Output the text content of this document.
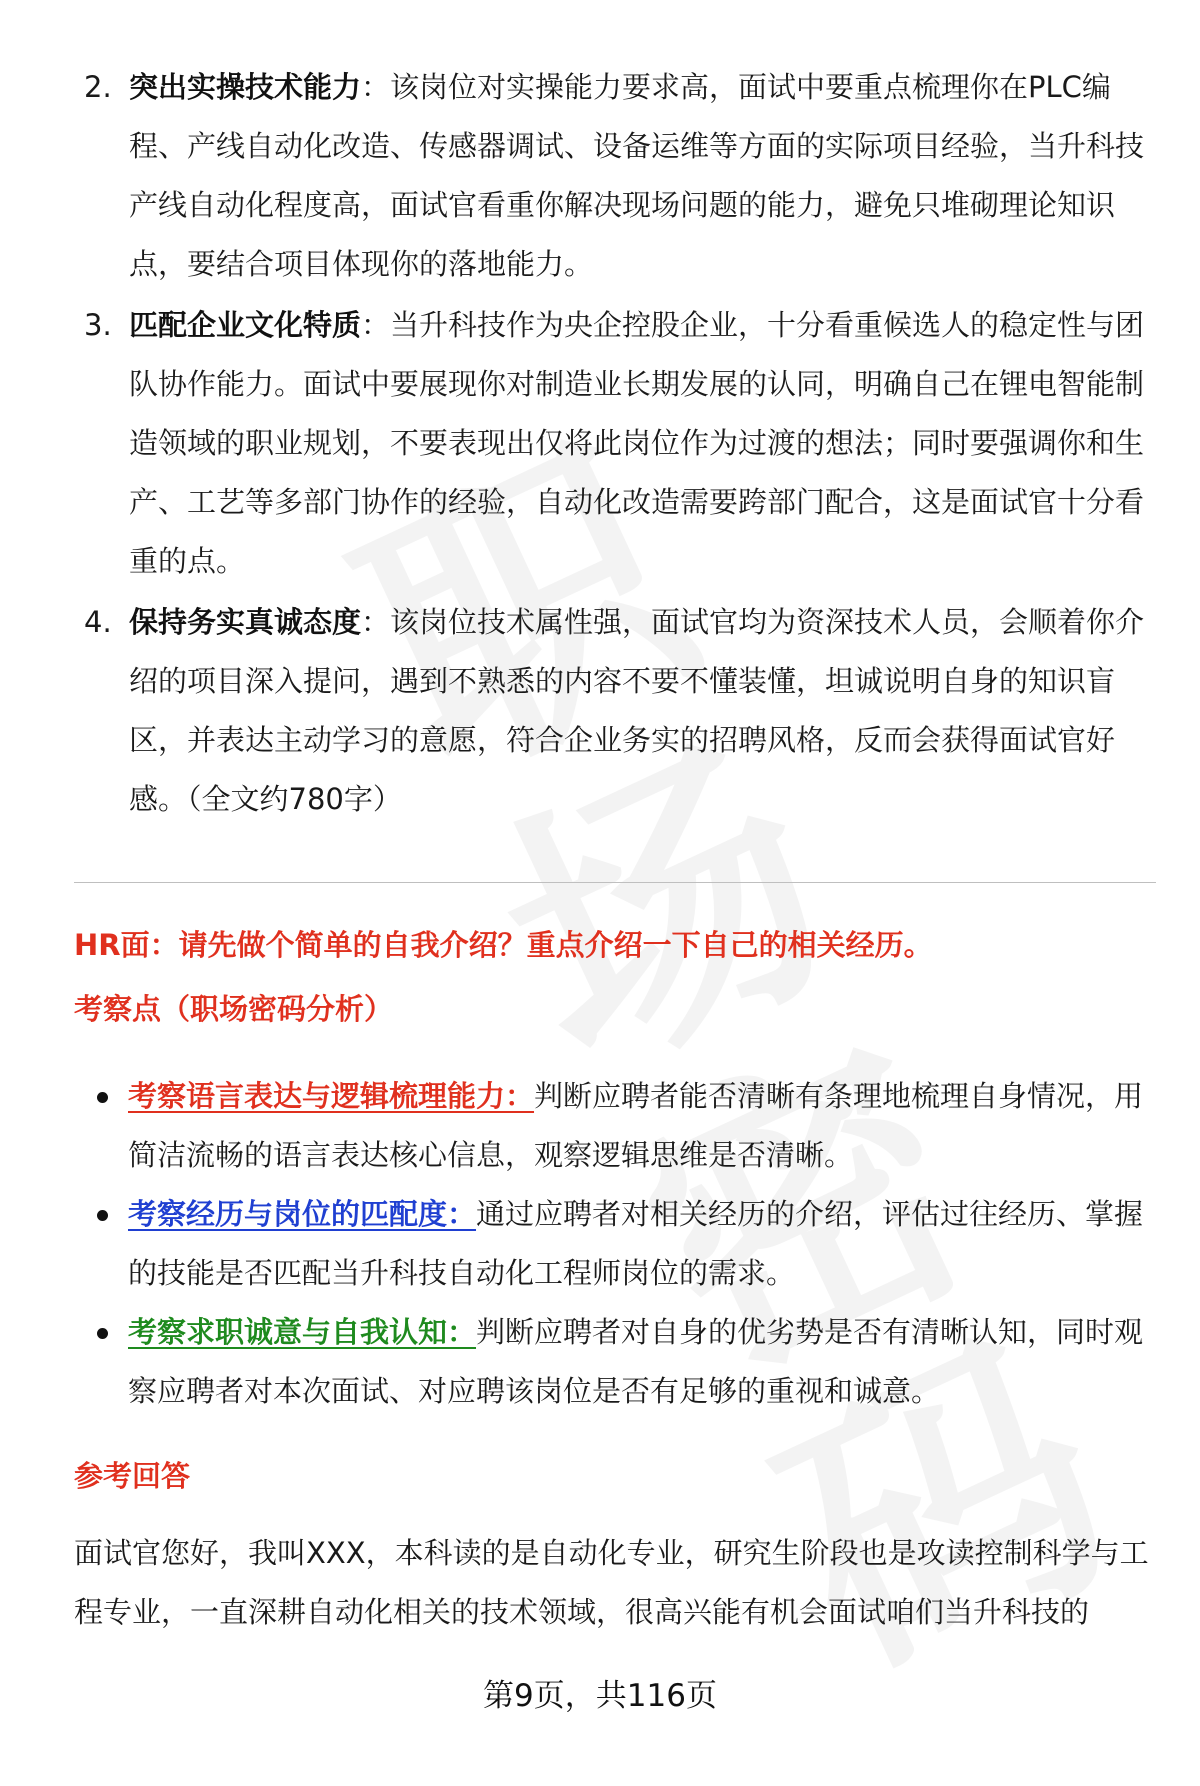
2. 突出实操技术能力：该岗位对实操能力要求高，面试中要重点梳理你在PLC编程、产线自动化改造、传感器调试、设备运维等方面的实际项目经验，当升科技产线自动化程度高，面试官看重你解决现场问题的能力，避免只堆砌理论知识点，要结合项目体现你的落地能力。
3. 匹配企业文化特质：当升科技作为央企控股企业，十分看重候选人的稳定性与团队协作能力。面试中要展现你对制造业长期发展的认同，明确自己在锂电智能制造领域的职业规划，不要表现出仅将此岗位作为过渡的想法；同时要强调你和生产、工艺等多部门协作的经验，自动化改造需要跨部门配合，这是面试官十分看重的点。
4. 保持务实真诚态度：该岗位技术属性强，面试官均为资深技术人员，会顺着你介绍的项目深入提问，遇到不熟悉的内容不要不懂装懂，坦诚说明自身的知识盲区，并表达主动学习的意愿，符合企业务实的招聘风格，反而会获得面试官好感。（全文约780字）
HR面：请先做个简单的自我介绍？重点介绍一下自己的相关经历。
考察点（职场密码分析）
考察语言表达与逻辑梳理能力：判断应聘者能否清晰有条理地梳理自身情况，用简洁流畅的语言表达核心信息，观察逻辑思维是否清晰。
考察经历与岗位的匹配度：通过应聘者对相关经历的介绍，评估过往经历、掌握的技能是否匹配当升科技自动化工程师岗位的需求。
考察求职诚意与自我认知：判断应聘者对自身的优劣势是否有清晰认知，同时观察应聘者对本次面试、对应聘该岗位是否有足够的重视和诚意。
参考回答
面试官您好，我叫XXX，本科读的是自动化专业，研究生阶段也是攻读控制科学与工程专业，一直深耕自动化相关的技术领域，很高兴能有机会面试咱们当升科技的
第9页，共116页
